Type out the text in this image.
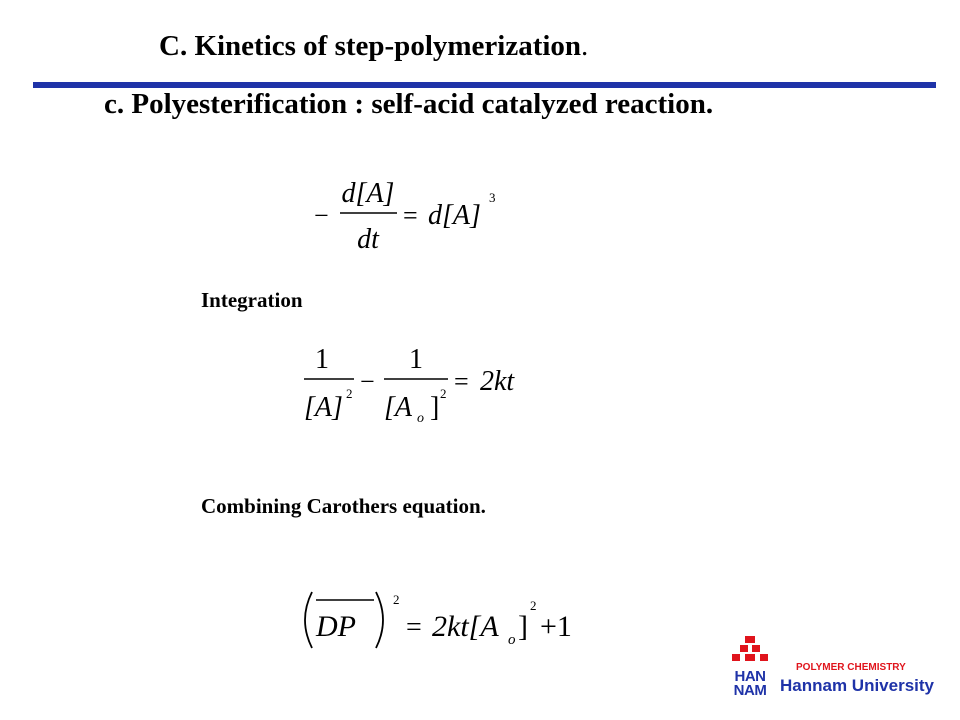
C. Kinetics of step-polymerization.
c. Polyesterification : self-acid catalyzed reaction.
−
d[A]
dt
= d[A]
3
Integration
1
[A] 2 −
1
[A o ] 2 = 2kt
Combining Carothers equation.
DP
2
= 2kt[A o ]
2
+1
HAN
NAM
POLYMER CHEMISTRY
Hannam University
